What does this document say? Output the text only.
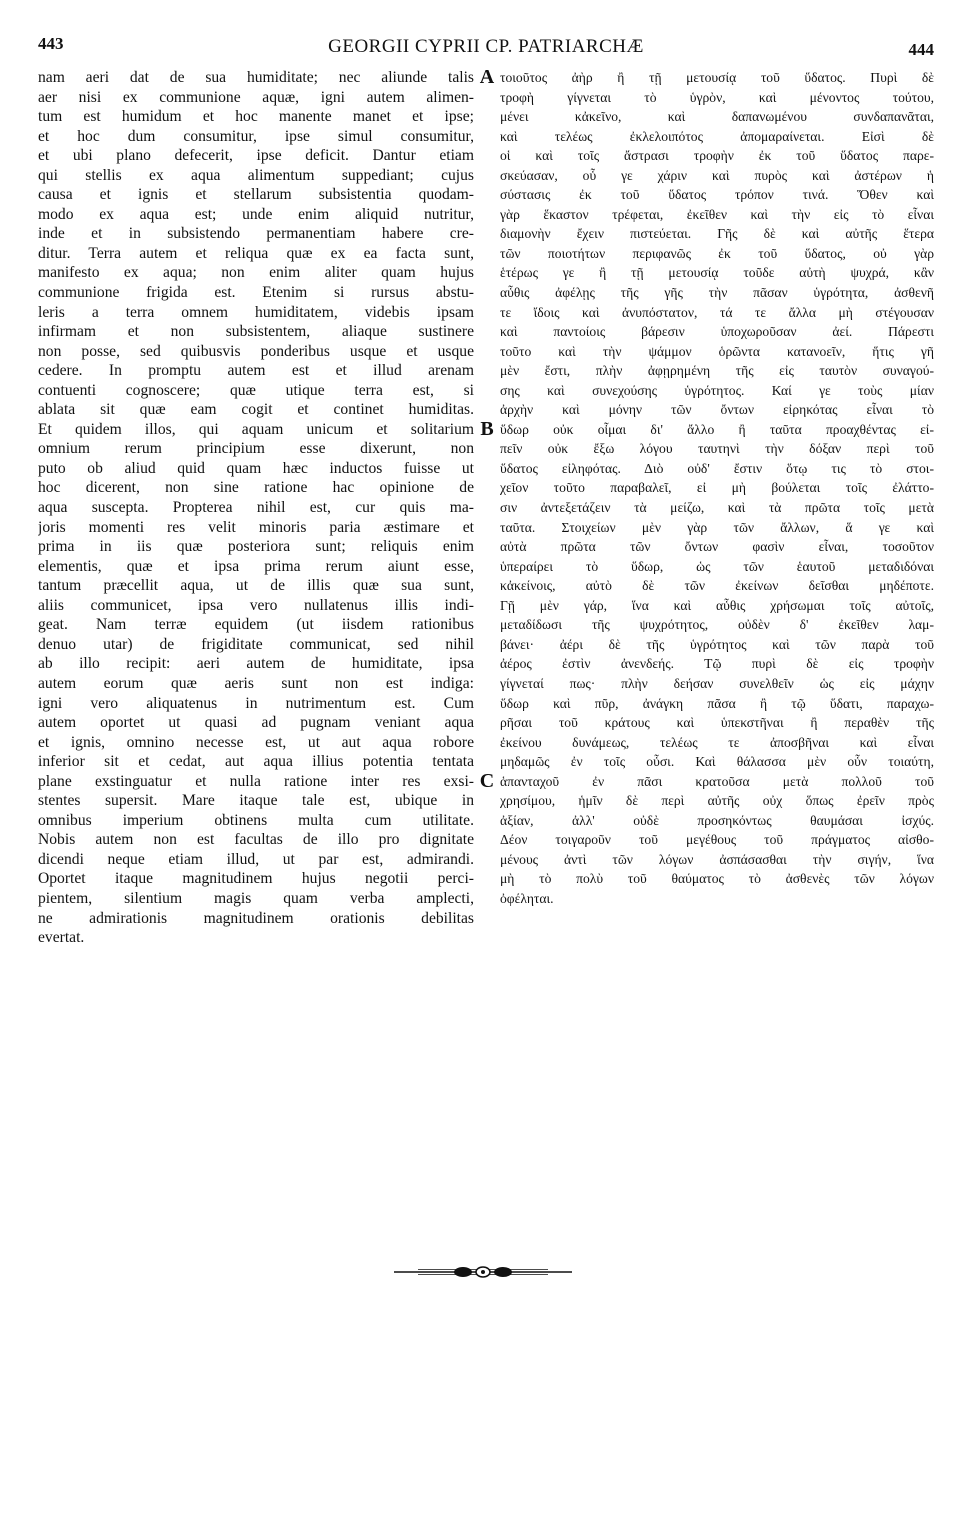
443	GEORGII CYPRII CP. PATRIARCHÆ	444
nam aeri dat de sua humiditate; nec aliunde talis
aer nisi ex communione aquæ, igni autem alimen-
tum est humidum et hoc manente manet et ipse;
et hoc dum consumitur, ipse simul consumitur,
et ubi plano defecerit, ipse deficit. Dantur etiam
qui stellis ex aqua alimentum suppediant; cujus
causa et ignis et stellarum subsistentia quodam-
modo ex aqua est; unde enim aliquid nutritur,
inde et in subsistendo permanentiam habere cre-
ditur. Terra autem et reliqua quæ ex ea facta sunt,
manifesto ex aqua; non enim aliter quam hujus
communione frigida est. Etenim si rursus abstu-
leris a terra omnem humiditatem, videbis ipsam
infirmam et non subsistentem, aliaque sustinere
non posse, sed quibusvis ponderibus usque et usque
cedere. In promptu autem est et illud arenam
contuenti cognoscere; quæ utique terra est, si
ablata sit quæ eam cogit et continet humiditas.
Et quidem illos, qui aquam unicum et solitarium
omnium rerum principium esse dixerunt, non
puto ob aliud quid quam hæc inductos fuisse ut
hoc dicerent, non sine ratione hac opinione de
aqua suscepta. Propterea nihil est, cur quis ma-
joris momenti res velit minoris paria æstimare et
prima in iis quæ posteriora sunt; reliquis enim
elementis, quæ et ipsa prima rerum aiunt esse,
tantum præcellit aqua, ut de illis quæ sua sunt,
aliis communicet, ipsa vero nullatenus illis indi-
geat. Nam terræ equidem (ut iisdem rationibus
denuo utar) de frigiditate communicat, sed nihil
ab illo recipit: aeri autem de humiditate, ipsa
autem eorum quæ aeris sunt non est indiga:
igni vero aliquatenus in nutrimentum est. Cum
autem oportet ut quasi ad pugnam veniant aqua
et ignis, omnino necesse est, ut aut aqua robore
inferior sit et cedat, aut aqua illius potentia tentata
plane exstinguatur et nulla ratione inter res exsi-
stentes supersit. Mare itaque tale est, ubique in
omnibus imperium obtinens multa cum utilitate.
Nobis autem non est facultas de illo pro dignitate
dicendi neque etiam illud, ut par est, admirandi.
Oportet itaque magnitudinem hujus negotii perci-
pientem, silentium magis quam verba amplecti,
ne admirationis magnitudinem orationis debilitas
evertat.
A
B
C
τοιοῦτος ἀὴρ ἢ τῇ μετουσίᾳ τοῦ ὕδατος. Πυρὶ δὲ
τροφὴ γίγνεται τὸ ὑγρὸν, καὶ μένοντος τούτου,
μένει κἀκεῖνο, καὶ δαπανωμένου συνδαπανᾶται,
καὶ τελέως ἐκλελοιπότος ἀπομαραίνεται. Εἰσὶ δὲ
οἱ καὶ τοῖς ἄστρασι τροφὴν ἐκ τοῦ ὕδατος παρε-
σκεύασαν, οὗ γε χάριν καὶ πυρὸς καὶ ἀστέρων ἡ
σύστασις ἐκ τοῦ ὕδατος τρόπον τινά. Ὅθεν καὶ
γὰρ ἕκαστον τρέφεται, ἐκεῖθεν καὶ τὴν εἰς τὸ εἶναι
διαμονὴν ἔχειν πιστεύεται. Γῆς δὲ καὶ αὐτῆς ἕτερα
τῶν ποιοτήτων περιφανῶς ἐκ τοῦ ὕδατος, οὐ γὰρ
ἑτέρως γε ἢ τῇ μετουσίᾳ τοῦδε αὐτὴ ψυχρά, κἂν
αὖθις ἀφέλῃς τῆς γῆς τὴν πᾶσαν ὑγρότητα, ἀσθενῆ
τε ἴδοις καὶ ἀνυπόστατον, τά τε ἄλλα μὴ στέγουσαν
καὶ παντοίοις βάρεσιν ὑποχωροῦσαν ἀεί. Πάρεστι
τοῦτο καὶ τὴν ψάμμον ὁρῶντα κατανοεῖν, ἥτις γῆ
μὲν ἔστι, πλὴν ἀφῃρημένη τῆς εἰς ταυτὸν συναγού-
σης καὶ συνεχούσης ὑγρότητος. Καί γε τοὺς μίαν
ἀρχὴν καὶ μόνην τῶν ὄντων εἰρηκότας εἶναι τὸ
ὕδωρ οὐκ οἶμαι δι' ἄλλο ἢ ταῦτα προαχθέντας εἰ-
πεῖν οὐκ ἔξω λόγου ταυτηνὶ τὴν δόξαν περὶ τοῦ
ὕδατος εἰληφότας. Διὸ οὐδ' ἔστιν ὅτῳ τις τὸ στοι-
χεῖον τοῦτο παραβαλεῖ, εἰ μὴ βούλεται τοῖς ἐλάττο-
σιν ἀντεξετάζειν τὰ μείζω, καὶ τὰ πρῶτα τοῖς μετὰ
ταῦτα. Στοιχείων μὲν γὰρ τῶν ἄλλων, ἅ γε καὶ
αὐτὰ πρῶτα τῶν ὄντων φασὶν εἶναι, τοσοῦτον
ὑπεραίρει τὸ ὕδωρ, ὡς τῶν ἑαυτοῦ μεταδιδόναι
κἀκείνοις, αὐτὸ δὲ τῶν ἐκείνων δεῖσθαι μηδέποτε.
Γῇ μὲν γάρ, ἵνα καὶ αὖθις χρήσωμαι τοῖς αὐτοῖς,
μεταδίδωσι τῆς ψυχρότητος, οὐδὲν δ' ἐκεῖθεν λαμ-
βάνει· ἀέρι δὲ τῆς ὑγρότητος καὶ τῶν παρὰ τοῦ
ἀέρος ἐστὶν ἀνενδεής. Τῷ πυρὶ δὲ εἰς τροφὴν
γίγνεταί πως· πλὴν δεήσαν συνελθεῖν ὡς εἰς μάχην
ὕδωρ καὶ πῦρ, ἀνάγκη πᾶσα ἢ τῷ ὕδατι, παραχω-
ρῆσαι τοῦ κράτους καὶ ὑπεκστῆναι ἢ περαθὲν τῆς
ἐκείνου δυνάμεως, τελέως τε ἀποσβῆναι καὶ εἶναι
μηδαμῶς ἐν τοῖς οὖσι. Καὶ θάλασσα μὲν οὖν τοιαύτη,
ἁπανταχοῦ ἐν πᾶσι κρατοῦσα μετὰ πολλοῦ τοῦ
χρησίμου, ἡμῖν δὲ περὶ αὐτῆς οὐχ ὅπως ἐρεῖν πρὸς
ἀξίαν, ἀλλ' οὐδὲ προσηκόντως θαυμάσαι ἰσχύς.
Δέον τοιγαροῦν τοῦ μεγέθους τοῦ πράγματος αἰσθο-
μένους ἀντὶ τῶν λόγων ἀσπάσασθαι τὴν σιγήν, ἵνα
μὴ τὸ πολὺ τοῦ θαύματος τὸ ἀσθενὲς τῶν λόγων
ὀφέληται.
